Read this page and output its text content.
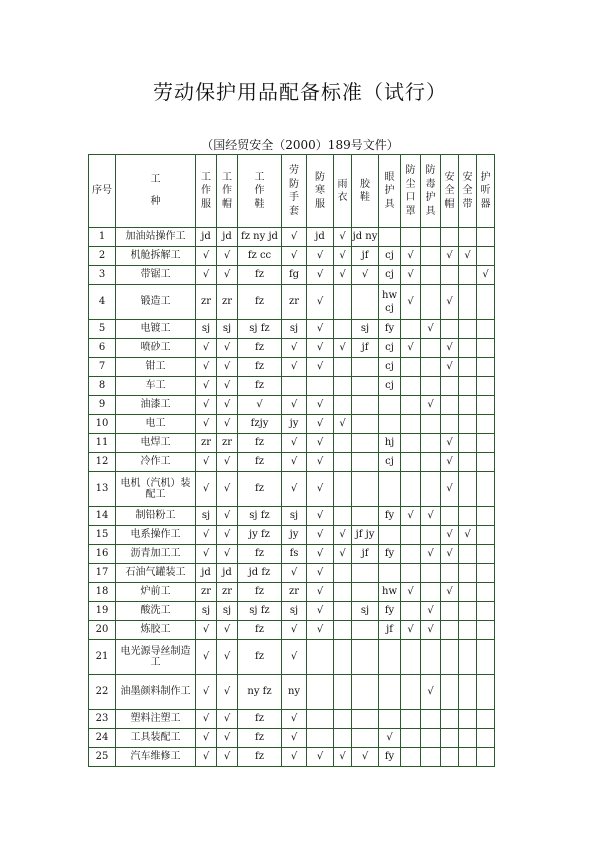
劳动保护用品配备标准（试行）
（国经贸安全（2000）189号文件）
序号	工种	工作服	工作帽	工作鞋	劳防手套	防寒服	雨衣	胶鞋	眼护具	防尘口罩	防毒护具	安全帽	安全带	护听器
1	加油站操作工	jd	jd	fz ny jd	√	jd	√	jd ny						
2	机舱拆解工	√	√	fz cc	√	√	√	jf	cj	√		√	√	
3	带锯工	√	√	fz	fg	√	√	√	cj	√				√
4	锻造工	zr	zr	fz	zr	√			hw cj	√		√		
5	电镀工	sj	sj	sj fz	sj	√		sj	fy		√			
6	喷砂工	√	√	fz	√	√	√	jf	cj	√		√		
7	钳工	√	√	fz	√	√			cj			√		
8	车工	√	√	fz					cj					
9	油漆工	√	√	√	√	√					√			
10	电工	√	√	fzjy	jy	√	√							
11	电焊工	zr	zr	fz	√	√			hj			√		
12	冷作工	√	√	fz	√	√			cj			√		
13	电机（汽机）装配工	√	√	fz	√	√						√		
14	制铅粉工	sj	√	sj fz	sj	√			fy	√	√			
15	电系操作工	√	√	jy fz	jy	√	√	jf jy				√	√	
16	沥青加工工	√	√	fz	fs	√	√	jf	fy		√	√		
17	石油气罐装工	jd	jd	jd fz	√	√								
18	炉前工	zr	zr	fz	zr	√			hw	√		√		
19	酸洗工	sj	sj	sj fz	sj	√		sj	fy		√			
20	炼胶工	√	√	fz	√	√			jf	√	√			
21	电光源导丝制造工	√	√	fz	√									
22	油墨颜料制作工	√	√	ny fz	ny						√			
23	塑料注塑工	√	√	fz	√									
24	工具装配工	√	√	fz	√				√					
25	汽车维修工	√	√	fz	√	√	√	√	fy					
